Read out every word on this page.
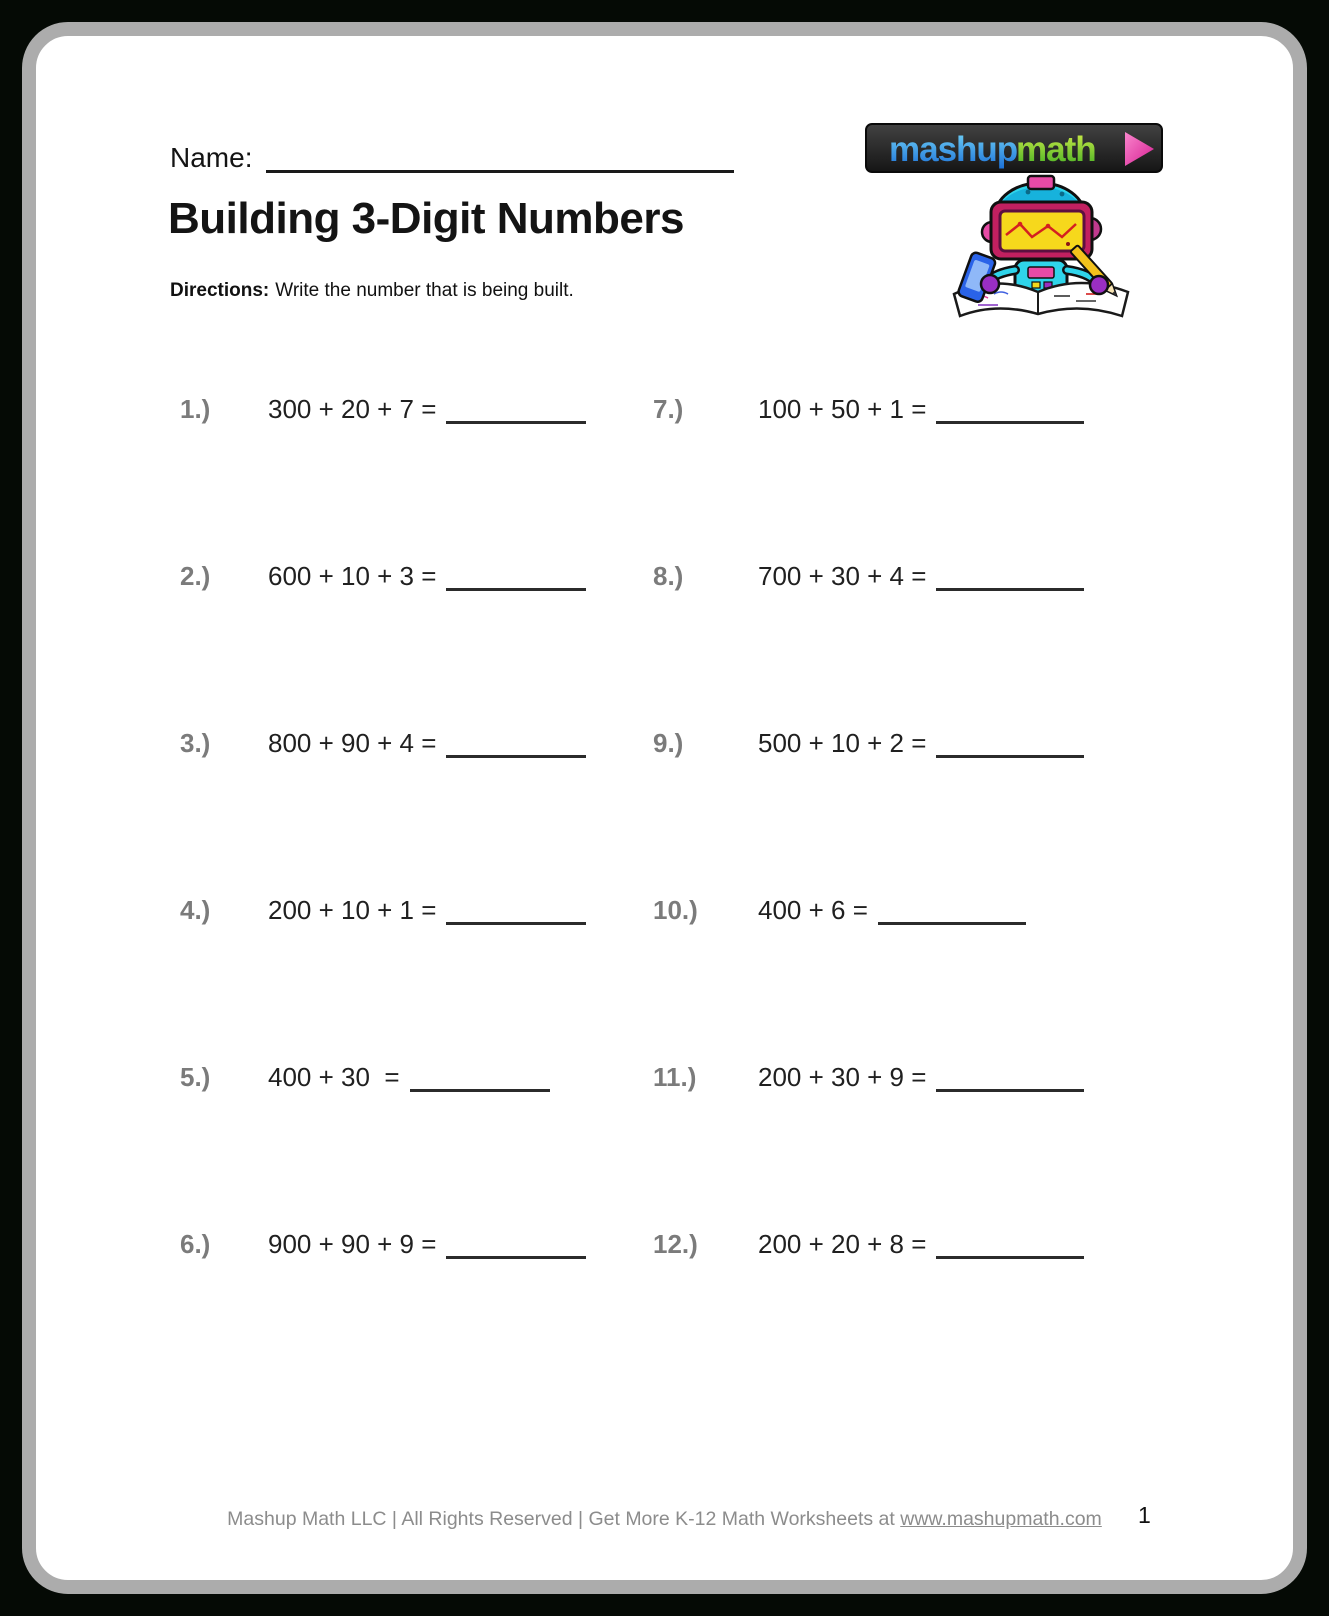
Name:
Building 3-Digit Numbers
Directions: Write the number that is being built.
mashup
math
1.)	300 + 20 + 7 =
2.)	600 + 10 + 3 =
3.)	800 + 90 + 4 =
4.)	200 + 10 + 1 =
5.)	400 + 30  =
6.)	900 + 90 + 9 =
7.)	100 + 50 + 1 =
8.)	700 + 30 + 4 =
9.)	500 + 10 + 2 =
10.)	400 + 6 =
11.)	200 + 30 + 9 =
12.)	200 + 20 + 8 =
Mashup Math LLC | All Rights Reserved | Get More K-12 Math Worksheets at www.mashupmath.com	1
